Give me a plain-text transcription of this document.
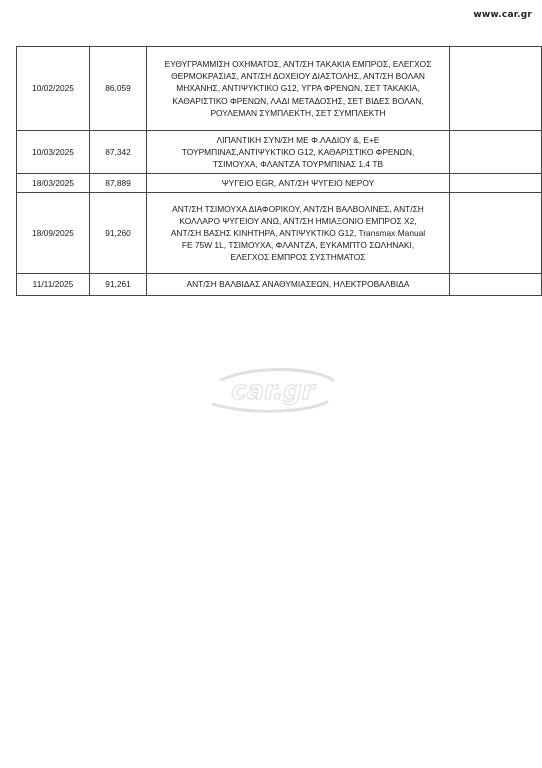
www.car.gr
10/02/2025	86,059	ΕΥΘΥΓΡΑΜΜΙΣΗ ΟΧΗΜΑΤΟΣ, ΑΝΤ/ΣΗ ΤΑΚΑΚΙΑ ΕΜΠΡΟΣ, ΕΛΕΓΧΟΣ
ΘΕΡΜΟΚΡΑΣΙΑΣ, ΑΝΤ/ΣΗ ΔΟΧΕΙΟΥ ΔΙΑΣΤΟΛΗΣ, ΑΝΤ/ΣΗ ΒΟΛΑΝ
ΜΗΧΑΝΗΣ, ΑΝΤΙΨΥΚΤΙΚΟ G12, ΥΓΡΑ ΦΡΕΝΩΝ, ΣΕΤ ΤΑΚΑΚΙΑ,
ΚΑΘΑΡΙΣΤΙΚΟ ΦΡΕΝΩΝ, ΛΑΔΙ ΜΕΤΑΔΟΣΗΣ, ΣΕΤ ΒΙΔΕΣ ΒΟΛΑΝ,
ΡΟΥΛΕΜΑΝ ΣΥΜΠΛΕΚΤΗ, ΣΕΤ ΣΥΜΠΛΕΚΤΗ	

10/03/2025	87,342	ΛΙΠΑΝΤΙΚΗ ΣΥΝ/ΣΗ ΜΕ Φ.ΛΑΔΙΟΥ &, Ε+Ε
ΤΟΥΡΜΠΙΝΑΣ,ΑΝΤΙΨΥΚΤΙΚΟ G12, ΚΑΘΑΡΙΣΤΙΚΟ ΦΡΕΝΩΝ,
ΤΣΙΜΟΥΧΑ, ΦΛΑΝΤΖΑ ΤΟΥΡΜΠΙΝΑΣ 1.4 TB	

18/03/2025	87,889	ΨΥΓΕΙΟ EGR, ΑΝΤ/ΣΗ ΨΥΓΕΙΟ ΝΕΡΟΥ	

18/09/2025	91,260	ΑΝΤ/ΣΗ ΤΣΙΜΟΥΧΑ ΔΙΑΦΟΡΙΚΟΥ, ΑΝΤ/ΣΗ ΒΑΛΒΟΛΙΝΕΣ, ΑΝΤ/ΣΗ
ΚΟΛΛΑΡΟ ΨΥΓΕΙΟΥ ΑΝΩ, ΑΝΤ/ΣΗ ΗΜΙΑΞΟΝΙΟ ΕΜΠΡΟΣ Χ2,
ΑΝΤ/ΣΗ ΒΑΣΗΣ ΚΙΝΗΤΗΡΑ, ΑΝΤΙΨΥΚΤΙΚΟ G12, Transmax Manual
FE 75W 1L, ΤΣΙΜΟΥΧΑ, ΦΛΑΝΤΖΑ, ΕΥΚΑΜΠΤΟ ΣΩΛΗΝΑΚΙ,
ΕΛΕΓΧΟΣ ΕΜΠΡΟΣ ΣΥΣΤΗΜΑΤΟΣ	

11/11/2025	91,261	ΑΝΤ/ΣΗ ΒΑΛΒΙΔΑΣ ΑΝΑΘΥΜΙΑΣΕΩΝ, ΗΛΕΚΤΡΟΒΑΛΒΙΔΑ	

car.gr
